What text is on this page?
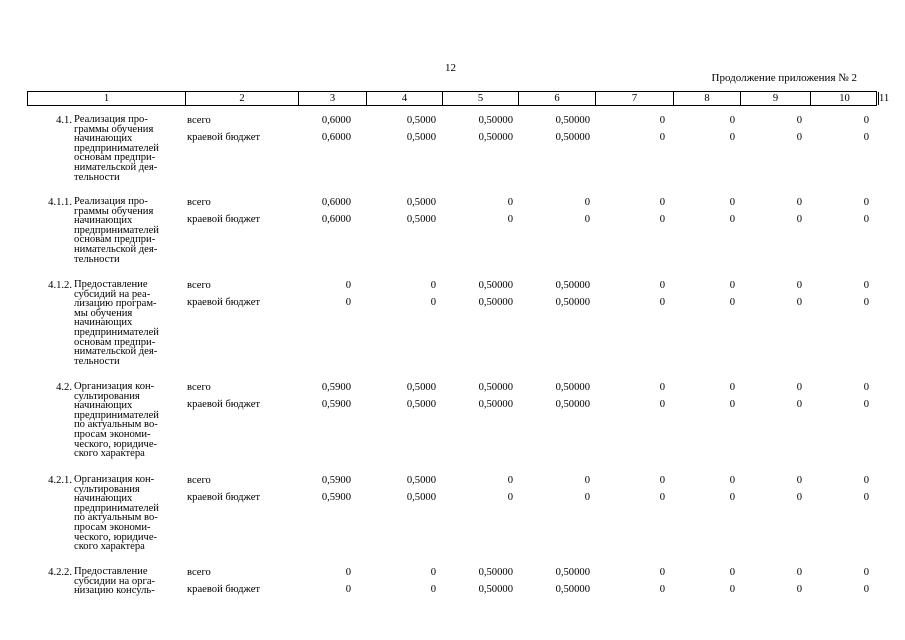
12
Продолжение приложения № 2
1	2	3	4	5	6	7	8	9	10	11
4.1. Реализация про-
граммы обучения
начинающих
предпринимателей
основам предпри-
нимательской дея-
тельности
всего	0,6000	0,5000	0,50000	0,50000	0	0	0	0
краевой бюджет	0,6000	0,5000	0,50000	0,50000	0	0	0	0
4.1.1. Реализация про-
граммы обучения
начинающих
предпринимателей
основам предпри-
нимательской дея-
тельности
всего	0,6000	0,5000	0	0	0	0	0	0
краевой бюджет	0,6000	0,5000	0	0	0	0	0	0
4.1.2. Предоставление
субсидий на реа-
лизацию програм-
мы обучения
начинающих
предпринимателей
основам предпри-
нимательской дея-
тельности
всего	0	0	0,50000	0,50000	0	0	0	0
краевой бюджет	0	0	0,50000	0,50000	0	0	0	0
4.2. Организация кон-
сультирования
начинающих
предпринимателей
по актуальным во-
просам экономи-
ческого, юридиче-
ского характера
всего	0,5900	0,5000	0,50000	0,50000	0	0	0	0
краевой бюджет	0,5900	0,5000	0,50000	0,50000	0	0	0	0
4.2.1. Организация кон-
сультирования
начинающих
предпринимателей
по актуальным во-
просам экономи-
ческого, юридиче-
ского характера
всего	0,5900	0,5000	0	0	0	0	0	0
краевой бюджет	0,5900	0,5000	0	0	0	0	0	0
4.2.2. Предоставление
субсидии на орга-
низацию консуль-
всего	0	0	0,50000	0,50000	0	0	0	0
краевой бюджет	0	0	0,50000	0,50000	0	0	0	0
